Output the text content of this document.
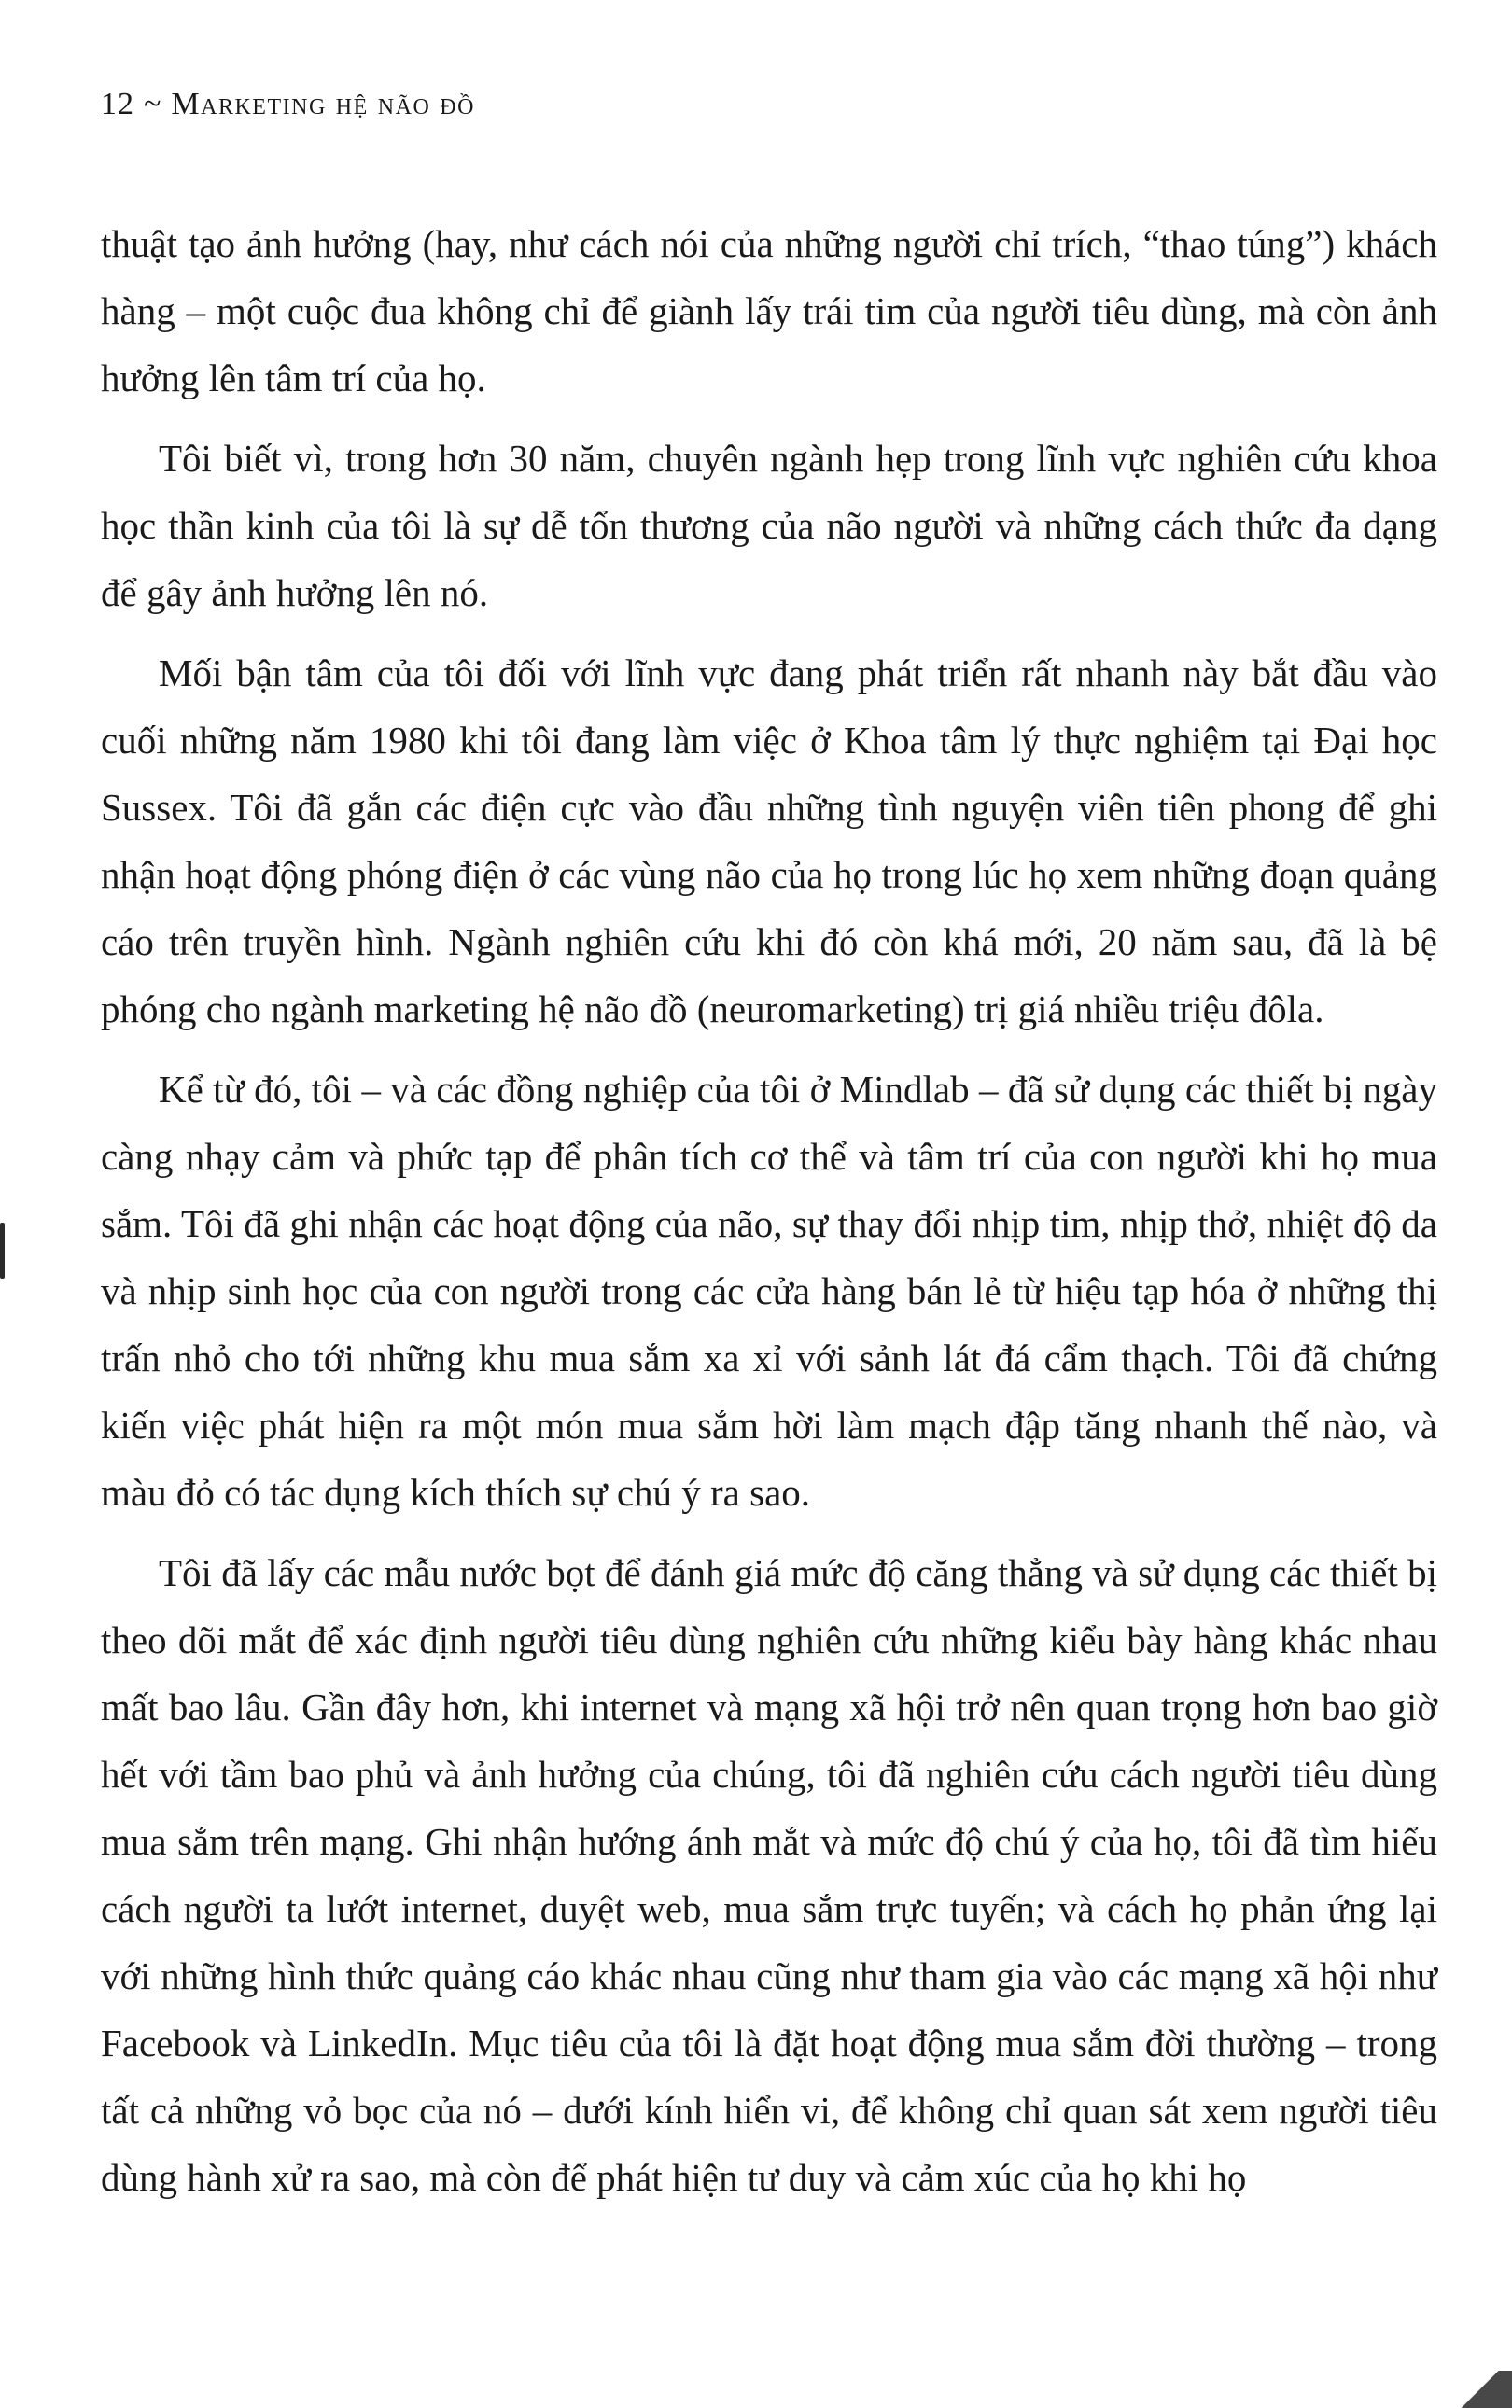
12 ~ Marketing hệ não đồ

thuật tạo ảnh hưởng (hay, như cách nói của những người chỉ trích, “thao túng”) khách hàng – một cuộc đua không chỉ để giành lấy trái tim của người tiêu dùng, mà còn ảnh hưởng lên tâm trí của họ.

Tôi biết vì, trong hơn 30 năm, chuyên ngành hẹp trong lĩnh vực nghiên cứu khoa học thần kinh của tôi là sự dễ tổn thương của não người và những cách thức đa dạng để gây ảnh hưởng lên nó.

Mối bận tâm của tôi đối với lĩnh vực đang phát triển rất nhanh này bắt đầu vào cuối những năm 1980 khi tôi đang làm việc ở Khoa tâm lý thực nghiệm tại Đại học Sussex. Tôi đã gắn các điện cực vào đầu những tình nguyện viên tiên phong để ghi nhận hoạt động phóng điện ở các vùng não của họ trong lúc họ xem những đoạn quảng cáo trên truyền hình. Ngành nghiên cứu khi đó còn khá mới, 20 năm sau, đã là bệ phóng cho ngành marketing hệ não đồ (neuromarketing) trị giá nhiều triệu đôla.

Kể từ đó, tôi – và các đồng nghiệp của tôi ở Mindlab – đã sử dụng các thiết bị ngày càng nhạy cảm và phức tạp để phân tích cơ thể và tâm trí của con người khi họ mua sắm. Tôi đã ghi nhận các hoạt động của não, sự thay đổi nhịp tim, nhịp thở, nhiệt độ da và nhịp sinh học của con người trong các cửa hàng bán lẻ từ hiệu tạp hóa ở những thị trấn nhỏ cho tới những khu mua sắm xa xỉ với sảnh lát đá cẩm thạch. Tôi đã chứng kiến việc phát hiện ra một món mua sắm hời làm mạch đập tăng nhanh thế nào, và màu đỏ có tác dụng kích thích sự chú ý ra sao.

Tôi đã lấy các mẫu nước bọt để đánh giá mức độ căng thẳng và sử dụng các thiết bị theo dõi mắt để xác định người tiêu dùng nghiên cứu những kiểu bày hàng khác nhau mất bao lâu. Gần đây hơn, khi internet và mạng xã hội trở nên quan trọng hơn bao giờ hết với tầm bao phủ và ảnh hưởng của chúng, tôi đã nghiên cứu cách người tiêu dùng mua sắm trên mạng. Ghi nhận hướng ánh mắt và mức độ chú ý của họ, tôi đã tìm hiểu cách người ta lướt internet, duyệt web, mua sắm trực tuyến; và cách họ phản ứng lại với những hình thức quảng cáo khác nhau cũng như tham gia vào các mạng xã hội như Facebook và LinkedIn. Mục tiêu của tôi là đặt hoạt động mua sắm đời thường – trong tất cả những vỏ bọc của nó – dưới kính hiển vi, để không chỉ quan sát xem người tiêu dùng hành xử ra sao, mà còn để phát hiện tư duy và cảm xúc của họ khi họ
